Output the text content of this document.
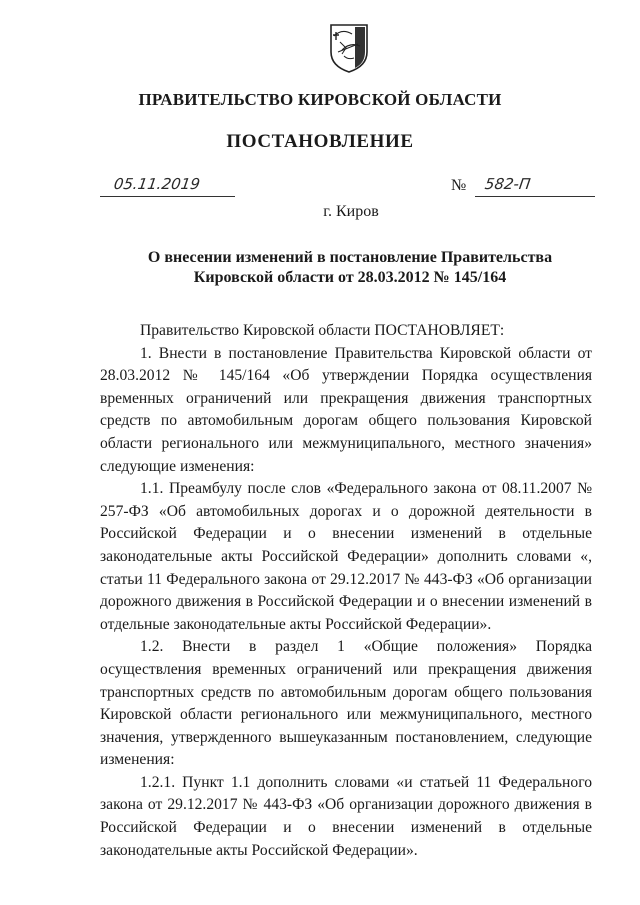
ПРАВИТЕЛЬСТВО КИРОВСКОЙ ОБЛАСТИ
ПОСТАНОВЛЕНИЕ
05.11.2019	№ 582-П
г. Киров
О внесении изменений в постановление Правительства
Кировской области от 28.03.2012 № 145/164

Правительство Кировской области ПОСТАНОВЛЯЕТ:

1. Внести в постановление Правительства Кировской области от 28.03.2012 № 145/164 «Об утверждении Порядка осуществления временных ограничений или прекращения движения транспортных средств по автомобильным дорогам общего пользования Кировской области регионального или межмуниципального, местного значения» следующие изменения:

1.1. Преамбулу после слов «Федерального закона от 08.11.2007 № 257-ФЗ «Об автомобильных дорогах и о дорожной деятельности в Российской Федерации и о внесении изменений в отдельные законодательные акты Российской Федерации» дополнить словами «, статьи 11 Федерального закона от 29.12.2017 № 443-ФЗ «Об организации дорожного движения в Российской Федерации и о внесении изменений в отдельные законодательные акты Российской Федерации».

1.2. Внести в раздел 1 «Общие положения» Порядка осуществления временных ограничений или прекращения движения транспортных средств по автомобильным дорогам общего пользования Кировской области регионального или межмуниципального, местного значения, утвержденного вышеуказанным постановлением, следующие изменения:

1.2.1. Пункт 1.1 дополнить словами «и статьей 11 Федерального закона от 29.12.2017 № 443-ФЗ «Об организации дорожного движения в Российской Федерации и о внесении изменений в отдельные законодательные акты Российской Федерации».
